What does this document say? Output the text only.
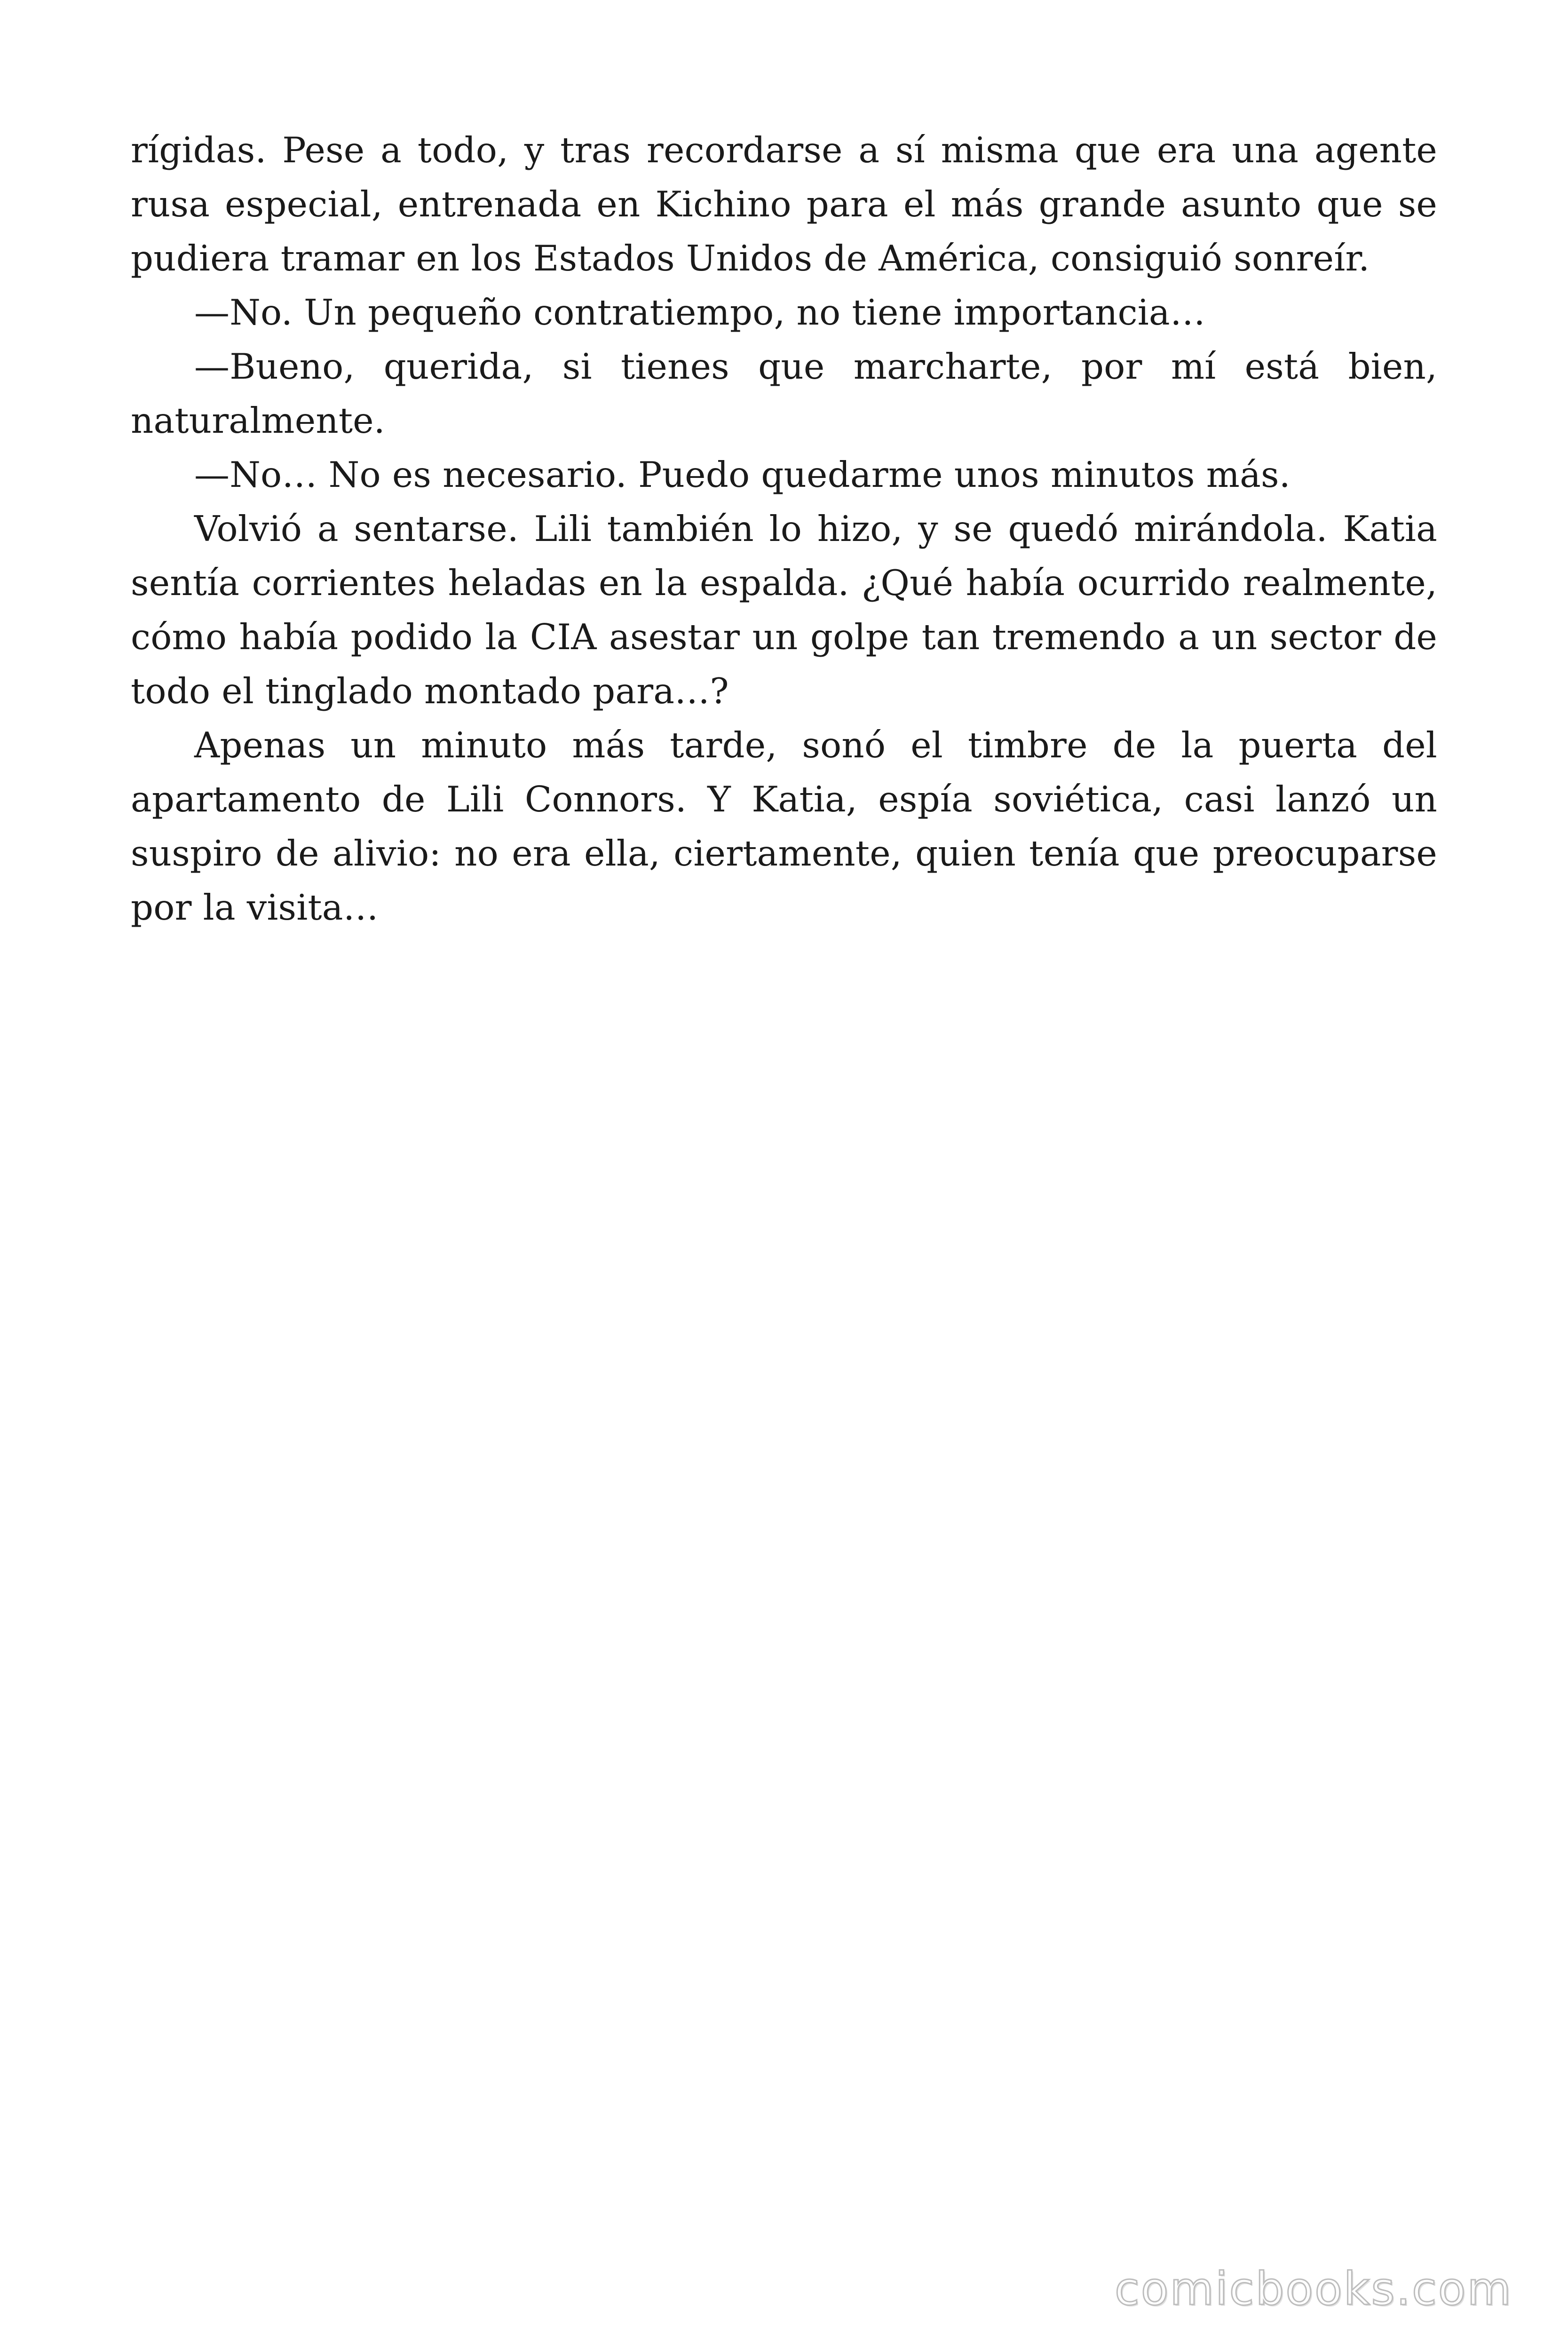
rígidas. Pese a todo, y tras recordarse a sí misma que era una agente rusa especial, entrenada en Kichino para el más grande asunto que se pudiera tramar en los Estados Unidos de América, consiguió sonreír.

—No. Un pequeño contratiempo, no tiene importancia…

—Bueno, querida, si tienes que marcharte, por mí está bien, naturalmente.

—No… No es necesario. Puedo quedarme unos minutos más.

Volvió a sentarse. Lili también lo hizo, y se quedó mirándola. Katia sentía corrientes heladas en la espalda. ¿Qué había ocurrido realmente, cómo había podido la CIA asestar un golpe tan tremendo a un sector de todo el tinglado montado para…?

Apenas un minuto más tarde, sonó el timbre de la puerta del apartamento de Lili Connors. Y Katia, espía soviética, casi lanzó un suspiro de alivio: no era ella, ciertamente, quien tenía que preocuparse por la visita…

comicbooks.com
